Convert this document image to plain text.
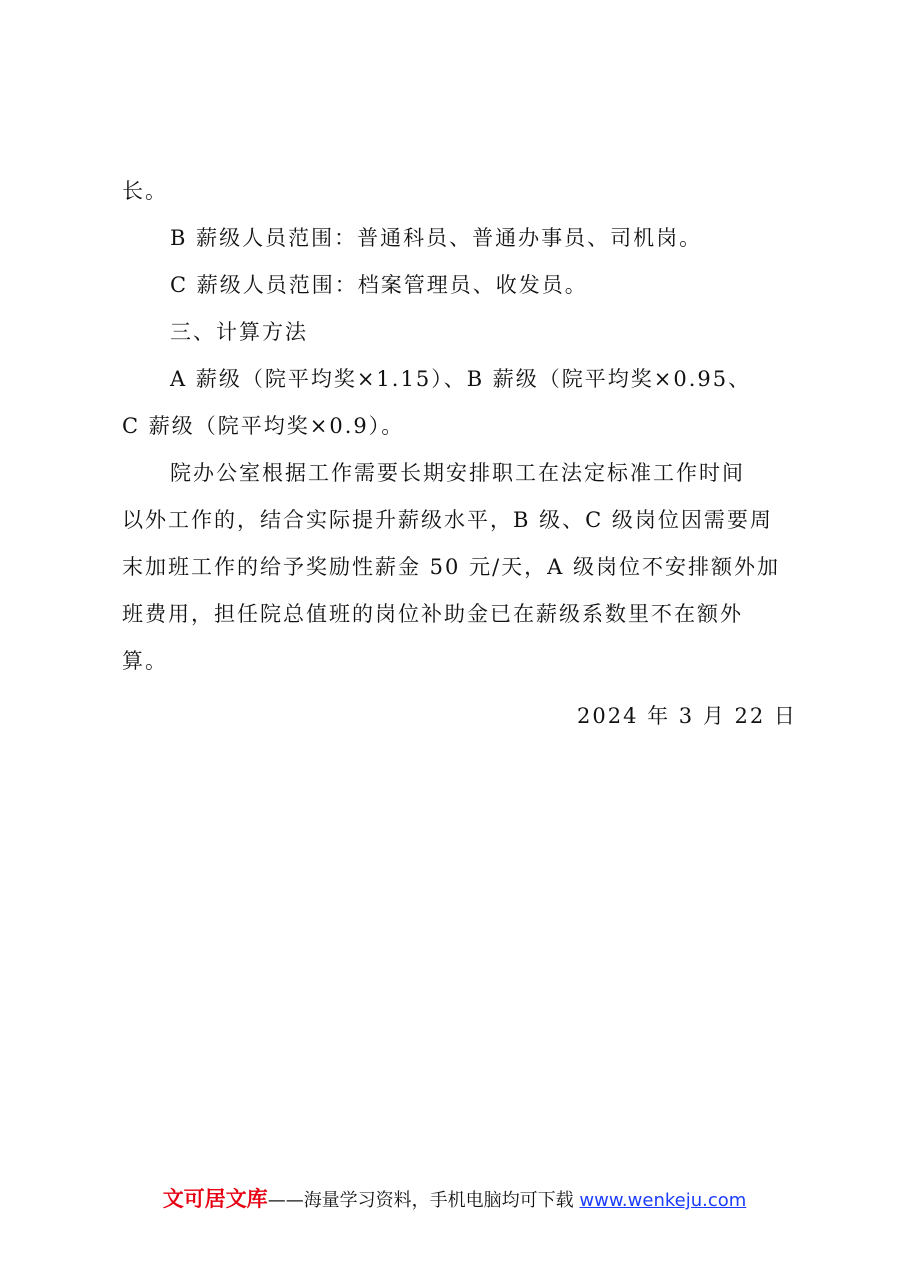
长。
B 薪级人员范围：普通科员、普通办事员、司机岗。
C 薪级人员范围：档案管理员、收发员。
三、计算方法
A 薪级（院平均奖×1.15）、B 薪级（院平均奖×0.95、
C 薪级（院平均奖×0.9）。
院办公室根据工作需要长期安排职工在法定标准工作时间
以外工作的，结合实际提升薪级水平，B 级、C 级岗位因需要周
末加班工作的给予奖励性薪金 50 元/天，A 级岗位不安排额外加
班费用，担任院总值班的岗位补助金已在薪级系数里不在额外
算。
2024 年 3 月 22 日
文可居文库——海量学习资料，手机电脑均可下载 www.wenkeju.com
